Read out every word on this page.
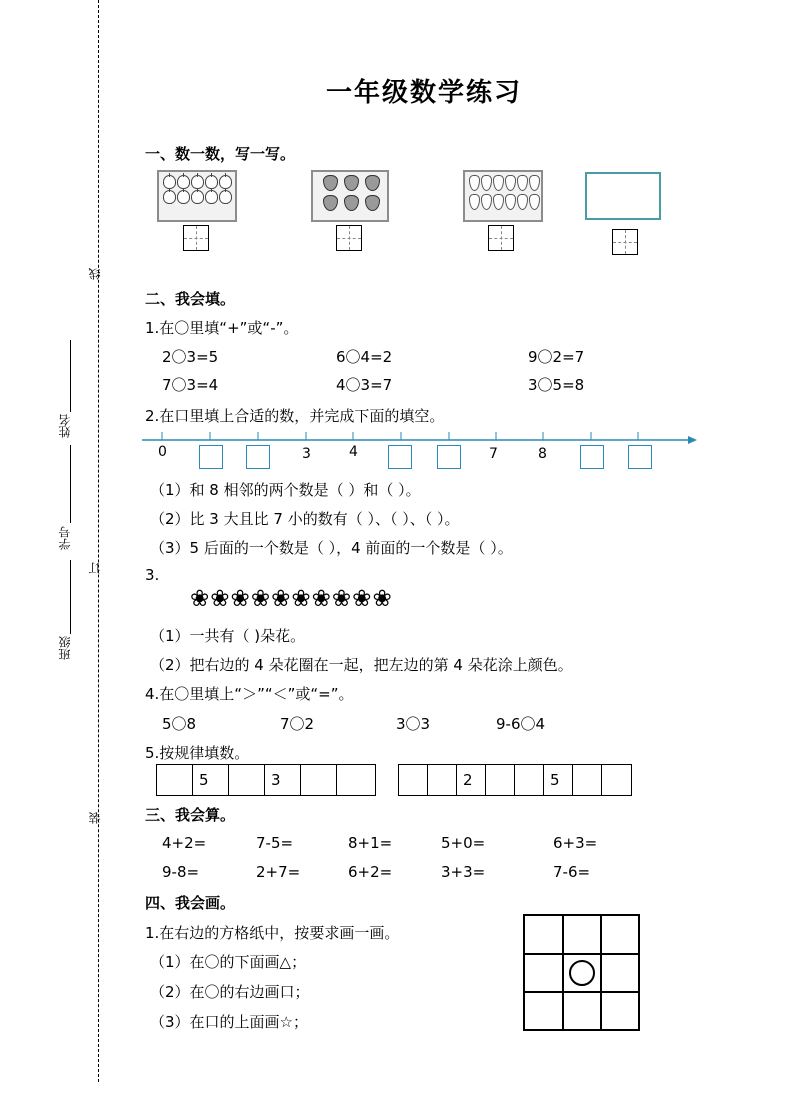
线
订
装
姓名
学号
班级
一年级数学练习
一、数一数，写一写。
二、我会填。
1.在〇里填“+”或“-”。
2〇3=5	6〇4=2	9〇2=7
7〇3=4	4〇3=7	3〇5=8
2.在口里填上合适的数，并完成下面的填空。
0	3	4	7	8
（1）和 8 相邻的两个数是（ ）和（ ）。
（2）比 3 大且比 7 小的数有（ ）、（ ）、（ ）。
（3）5 后面的一个数是（ ），4 前面的一个数是（ ）。
3.
❀❀❀❀❀❀❀❀❀❀
（1）一共有（ )朵花。
（2）把右边的 4 朵花圈在一起，把左边的第 4 朵花涂上颜色。
4.在〇里填上“＞”“＜”或“=”。
5〇8	7〇2	3〇3	9-6〇4
5.按规律填数。
5	3	2	5
三、我会算。
4+2=	7-5=	8+1=	5+0=	6+3=
9-8=	2+7=	6+2=	3+3=	7-6=
四、我会画。
1.在右边的方格纸中，按要求画一画。
（1）在〇的下面画△；
（2）在〇的右边画口；
（3）在口的上面画☆；
